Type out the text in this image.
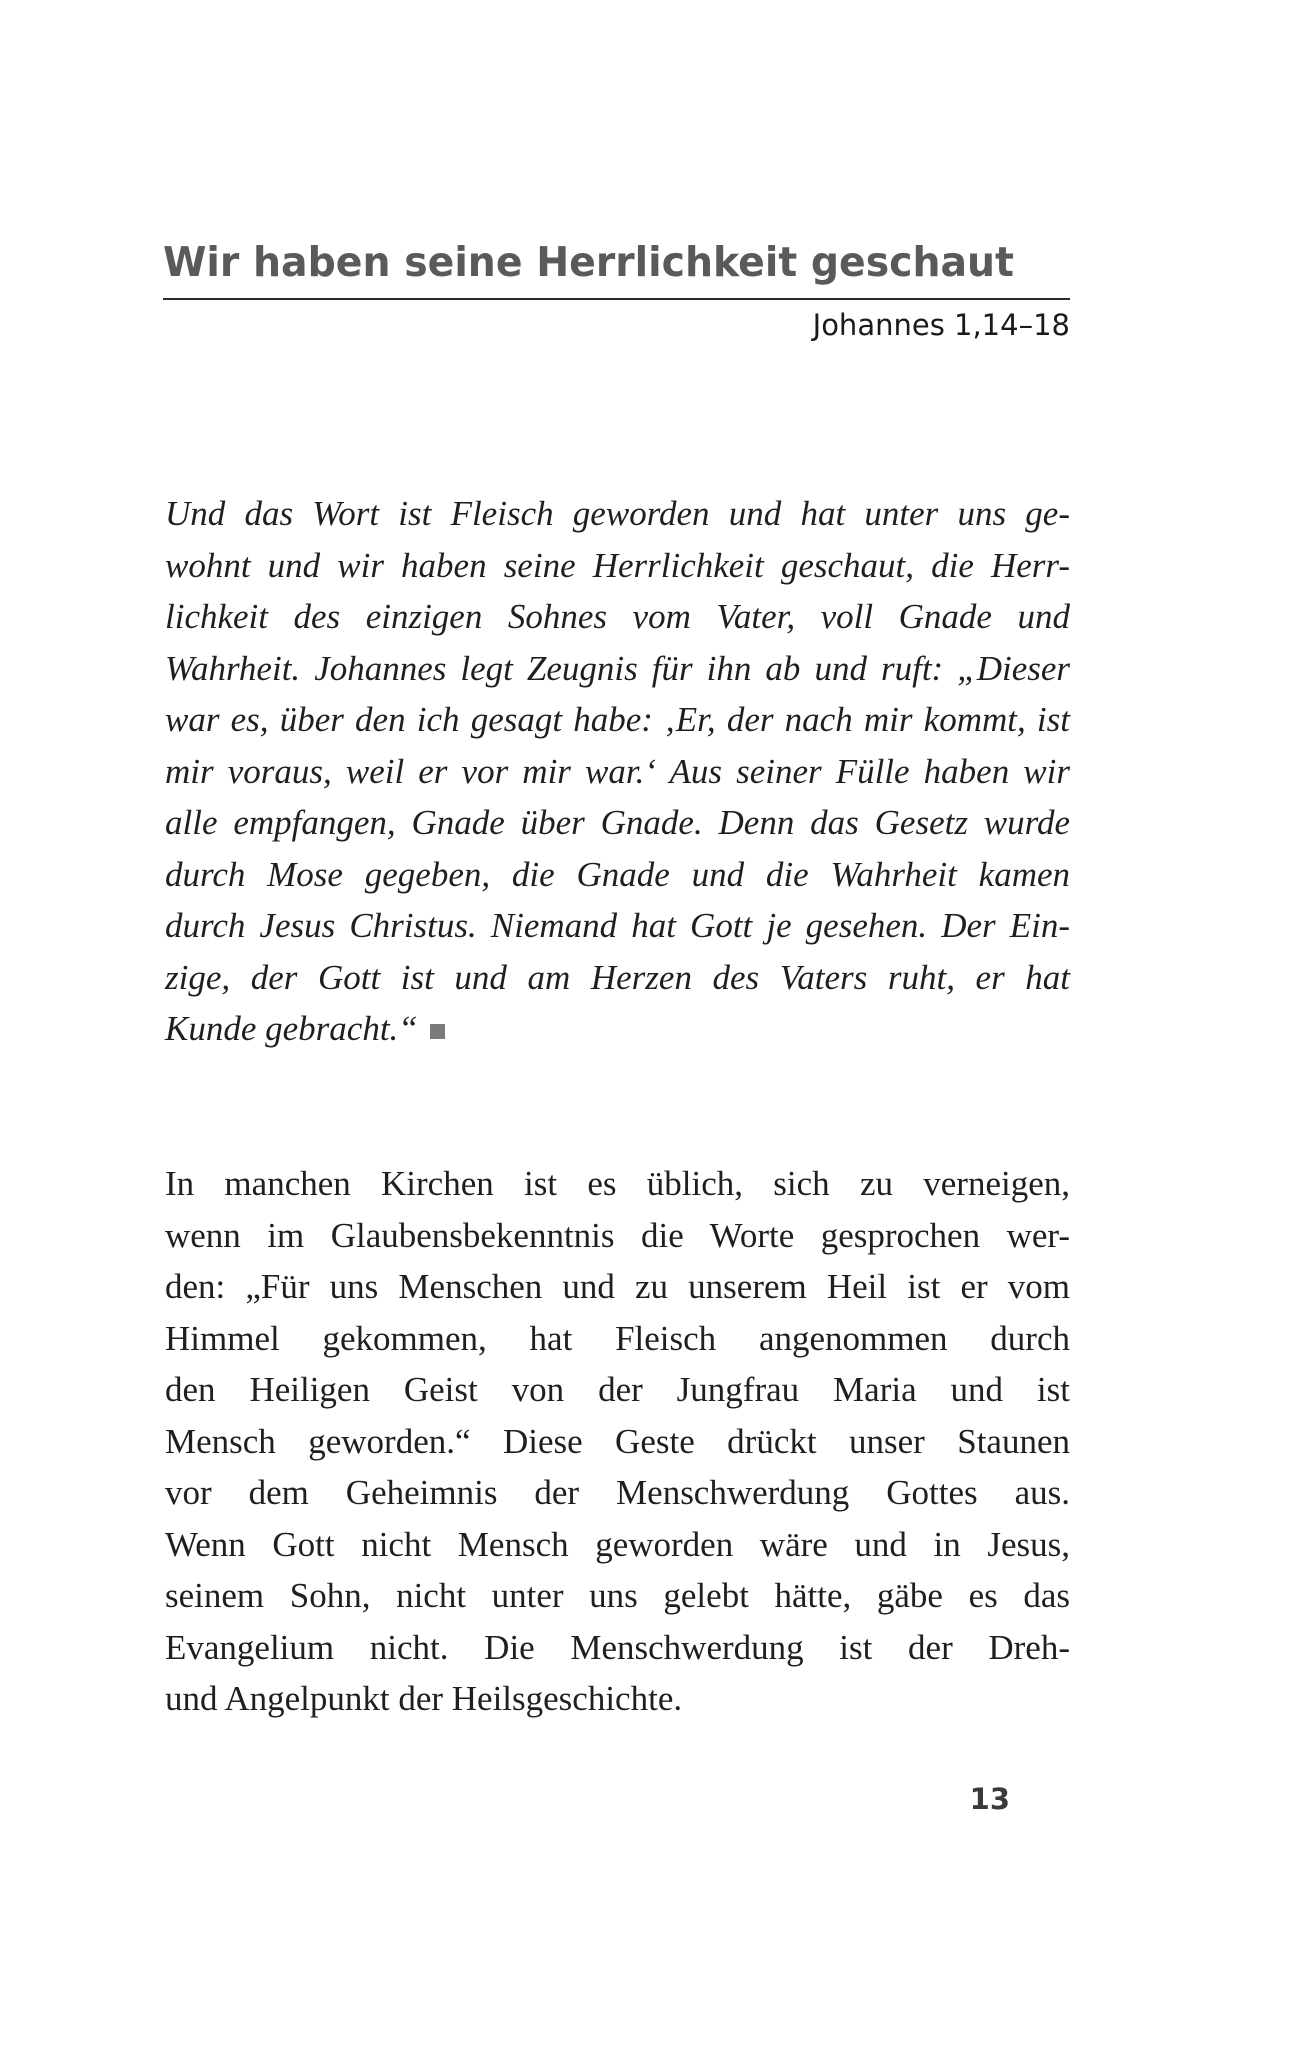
Wir haben seine Herrlichkeit geschaut
Johannes 1,14–18
Und das Wort ist Fleisch geworden und hat unter uns ge-
wohnt und wir haben seine Herrlichkeit geschaut, die Herr-
lichkeit des einzigen Sohnes vom Vater, voll Gnade und
Wahrheit. Johannes legt Zeugnis für ihn ab und ruft: „Dieser
war es, über den ich gesagt habe: ‚Er, der nach mir kommt, ist
mir voraus, weil er vor mir war.‘ Aus seiner Fülle haben wir
alle empfangen, Gnade über Gnade. Denn das Gesetz wurde
durch Mose gegeben, die Gnade und die Wahrheit kamen
durch Jesus Christus. Niemand hat Gott je gesehen. Der Ein-
zige, der Gott ist und am Herzen des Vaters ruht, er hat
Kunde gebracht.“
In manchen Kirchen ist es üblich, sich zu verneigen,
wenn im Glaubensbekenntnis die Worte gesprochen wer-
den: „Für uns Menschen und zu unserem Heil ist er vom
Himmel gekommen, hat Fleisch angenommen durch
den Heiligen Geist von der Jungfrau Maria und ist
Mensch geworden.“ Diese Geste drückt unser Staunen
vor dem Geheimnis der Menschwerdung Gottes aus.
Wenn Gott nicht Mensch geworden wäre und in Jesus,
seinem Sohn, nicht unter uns gelebt hätte, gäbe es das
Evangelium nicht. Die Menschwerdung ist der Dreh-
und Angelpunkt der Heilsgeschichte.
13
